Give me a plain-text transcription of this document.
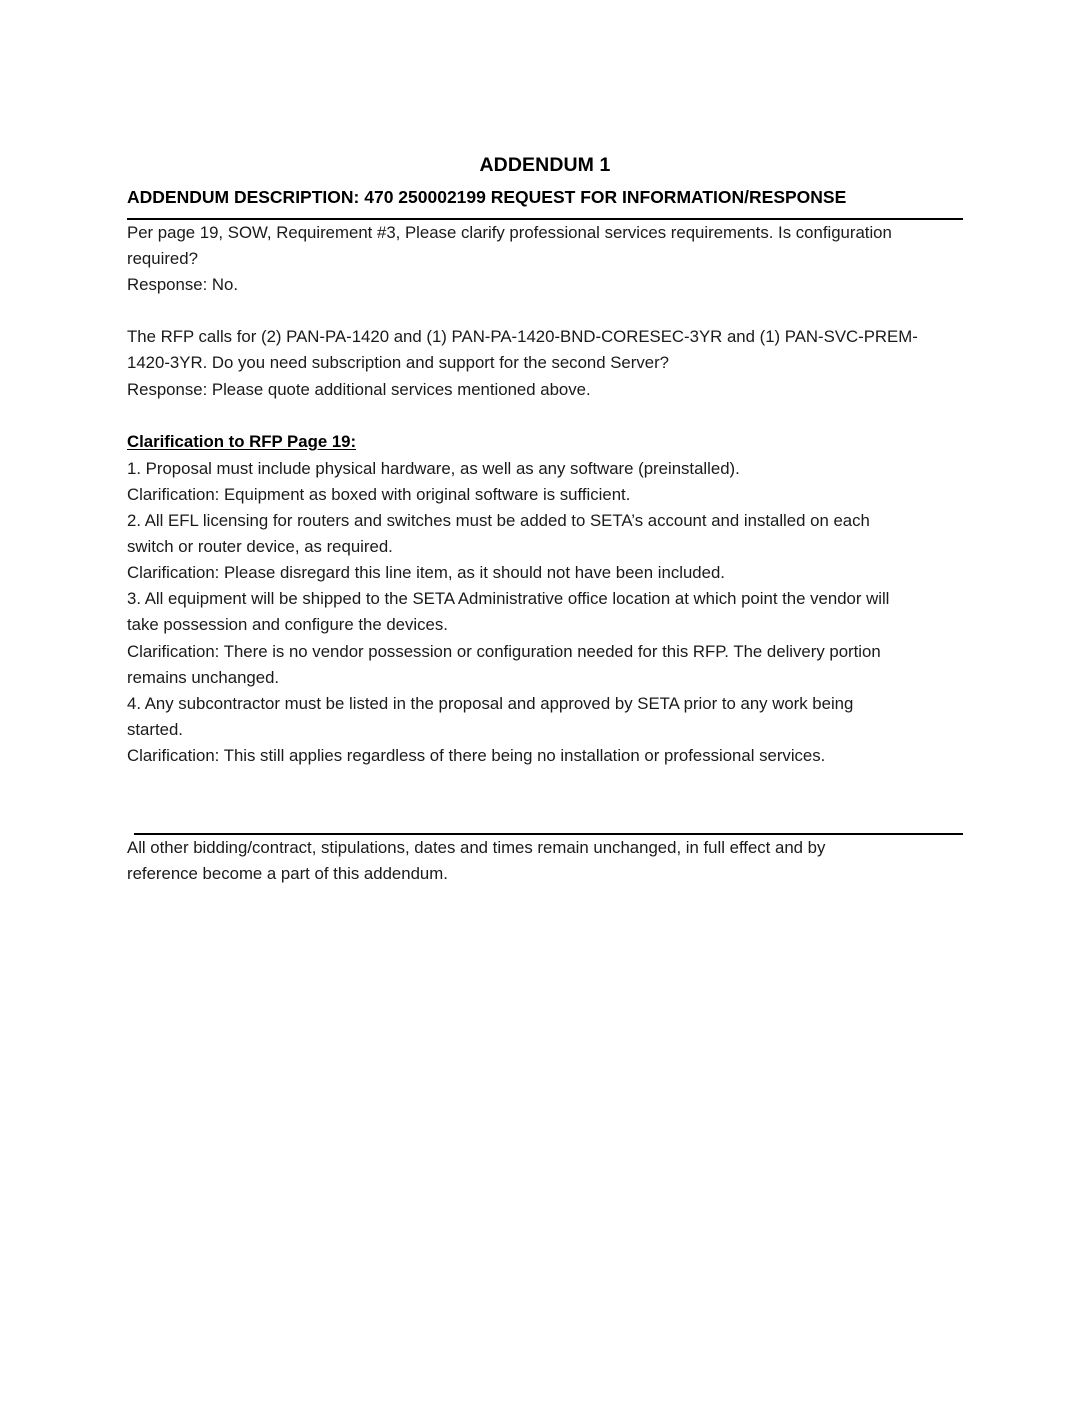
ADDENDUM 1
ADDENDUM DESCRIPTION: 470 250002199 REQUEST FOR INFORMATION/RESPONSE

Per page 19, SOW, Requirement #3, Please clarify professional services requirements. Is configuration
required?

Response: No.

The RFP calls for (2) PAN-PA-1420 and (1) PAN-PA-1420-BND-CORESEC-3YR and (1) PAN-SVC-PREM-
1420-3YR. Do you need subscription and support for the second Server?

Response: Please quote additional services mentioned above.

Clarification to RFP Page 19:

1. Proposal must include physical hardware, as well as any software (preinstalled).

Clarification: Equipment as boxed with original software is sufficient.

2. All EFL licensing for routers and switches must be added to SETA’s account and installed on each
switch or router device, as required.

Clarification: Please disregard this line item, as it should not have been included.

3. All equipment will be shipped to the SETA Administrative office location at which point the vendor will
take possession and configure the devices.

Clarification: There is no vendor possession or configuration needed for this RFP. The delivery portion
remains unchanged.

4. Any subcontractor must be listed in the proposal and approved by SETA prior to any work being
started.

Clarification: This still applies regardless of there being no installation or professional services.

All other bidding/contract, stipulations, dates and times remain unchanged, in full effect and by
reference become a part of this addendum.
